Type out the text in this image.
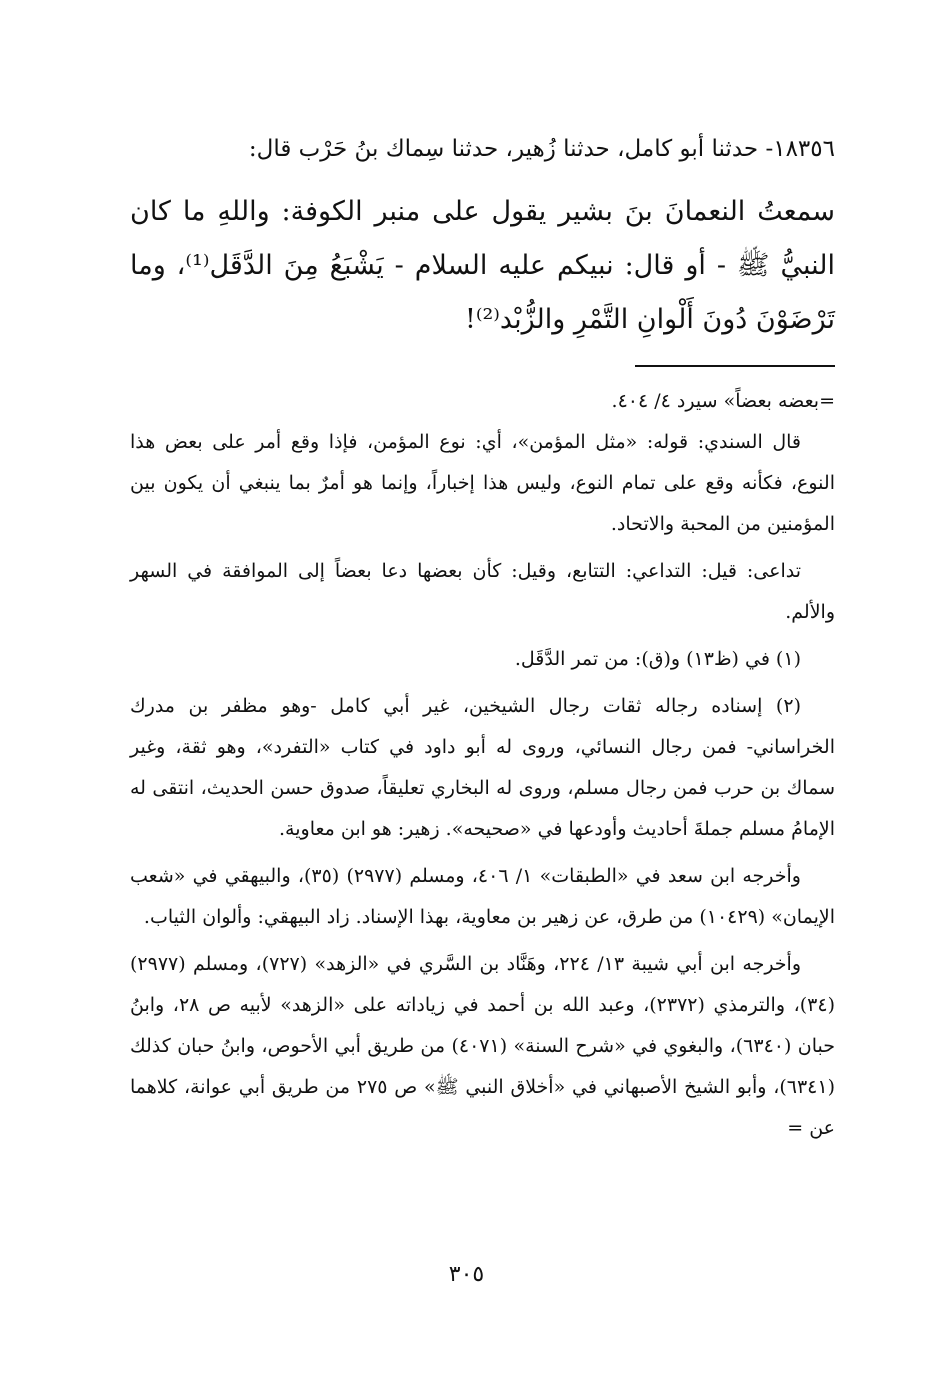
١٨٣٥٦- حدثنا أبو كامل، حدثنا زُهير، حدثنا سِماك بنُ حَرْب قال:

سمعتُ النعمانَ بنَ بشير يقول على منبر الكوفة: واللهِ ما كان النبيُّ ﷺ - أو قال: نبيكم عليه السلام - يَشْبَعُ مِنَ الدَّقَل⁽¹⁾، وما تَرْضَوْنَ دُونَ أَلْوانِ التَّمْرِ والزُّبْد⁽²⁾!

=بعضه بعضاً» سيرد ٤/ ٤٠٤.

قال السندي: قوله: «مثل المؤمن»، أي: نوع المؤمن، فإذا وقع أمر على بعض هذا النوع، فكأنه وقع على تمام النوع، وليس هذا إخباراً، وإنما هو أمرٌ بما ينبغي أن يكون بين المؤمنين من المحبة والاتحاد.

تداعى: قيل: التداعي: التتابع، وقيل: كأن بعضها دعا بعضاً إلى الموافقة في السهر والألم.

(١) في (ظ١٣) و(ق): من تمر الدَّقَل.

(٢) إسناده رجاله ثقات رجال الشيخين، غير أبي كامل -وهو مظفر بن مدرك الخراساني- فمن رجال النسائي، وروى له أبو داود في كتاب «التفرد»، وهو ثقة، وغير سماك بن حرب فمن رجال مسلم، وروى له البخاري تعليقاً، صدوق حسن الحديث، انتقى له الإمامُ مسلم جملةَ أحاديث وأودعها في «صحيحه». زهير: هو ابن معاوية.

وأخرجه ابن سعد في «الطبقات» ١/ ٤٠٦، ومسلم (٢٩٧٧) (٣٥)، والبيهقي في «شعب الإيمان» (١٠٤٢٩) من طرق، عن زهير بن معاوية، بهذا الإسناد. زاد البيهقي: وألوان الثياب.

وأخرجه ابن أبي شيبة ١٣/ ٢٢٤، وهَنَّاد بن السَّري في «الزهد» (٧٢٧)، ومسلم (٢٩٧٧) (٣٤)، والترمذي (٢٣٧٢)، وعبد الله بن أحمد في زياداته على «الزهد» لأبيه ص ٢٨، وابنُ حبان (٦٣٤٠)، والبغوي في «شرح السنة» (٤٠٧١) من طريق أبي الأحوص، وابنُ حبان كذلك (٦٣٤١)، وأبو الشيخ الأصبهاني في «أخلاق النبي ﷺ» ص ٢٧٥ من طريق أبي عوانة، كلاهما عن =

٣٠٥
